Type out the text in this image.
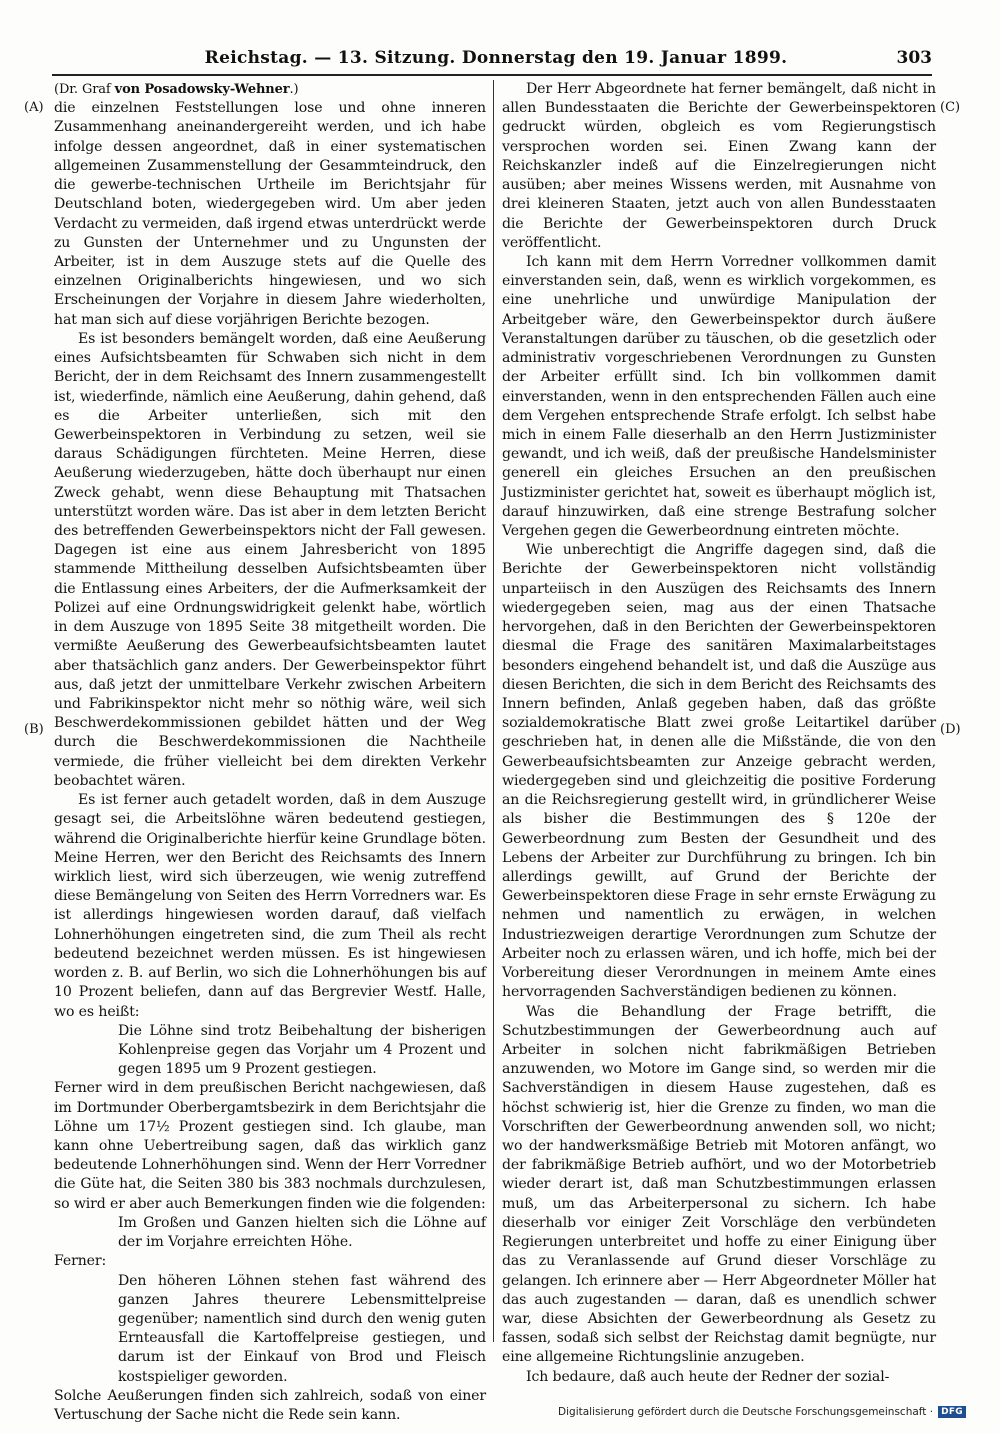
Reichstag. — 13. Sitzung. Donnerstag den 19. Januar 1899.	303
(A)
(B)
(C)
(D)

(Dr. Graf von Posadowsky-Wehner.)

die einzelnen Feststellungen lose und ohne inneren Zusammenhang aneinandergereiht werden, und ich habe infolge dessen angeordnet, daß in einer systematischen allgemeinen Zusammenstellung der Gesammteindruck, den die gewerbe-technischen Urtheile im Berichtsjahr für Deutschland boten, wiedergegeben wird. Um aber jeden Verdacht zu vermeiden, daß irgend etwas unterdrückt werde zu Gunsten der Unternehmer und zu Ungunsten der Arbeiter, ist in dem Auszuge stets auf die Quelle des einzelnen Originalberichts hingewiesen, und wo sich Erscheinungen der Vorjahre in diesem Jahre wiederholten, hat man sich auf diese vorjährigen Berichte bezogen.

Es ist besonders bemängelt worden, daß eine Aeußerung eines Aufsichtsbeamten für Schwaben sich nicht in dem Bericht, der in dem Reichsamt des Innern zusammengestellt ist, wiederfinde, nämlich eine Aeußerung, dahin gehend, daß es die Arbeiter unterließen, sich mit den Gewerbeinspektoren in Verbindung zu setzen, weil sie daraus Schädigungen fürchteten. Meine Herren, diese Aeußerung wiederzugeben, hätte doch überhaupt nur einen Zweck gehabt, wenn diese Behauptung mit Thatsachen unterstützt worden wäre. Das ist aber in dem letzten Bericht des betreffenden Gewerbeinspektors nicht der Fall gewesen. Dagegen ist eine aus einem Jahresbericht von 1895 stammende Mittheilung desselben Aufsichtsbeamten über die Entlassung eines Arbeiters, der die Aufmerksamkeit der Polizei auf eine Ordnungswidrigkeit gelenkt habe, wörtlich in dem Auszuge von 1895 Seite 38 mitgetheilt worden. Die vermißte Aeußerung des Gewerbeaufsichtsbeamten lautet aber thatsächlich ganz anders. Der Gewerbeinspektor führt aus, daß jetzt der unmittelbare Verkehr zwischen Arbeitern und Fabrikinspektor nicht mehr so nöthig wäre, weil sich Beschwerdekommissionen gebildet hätten und der Weg durch die Beschwerdekommissionen die Nachtheile vermiede, die früher vielleicht bei dem direkten Verkehr beobachtet wären.

Es ist ferner auch getadelt worden, daß in dem Auszuge gesagt sei, die Arbeitslöhne wären bedeutend gestiegen, während die Originalberichte hierfür keine Grundlage böten. Meine Herren, wer den Bericht des Reichsamts des Innern wirklich liest, wird sich überzeugen, wie wenig zutreffend diese Bemängelung von Seiten des Herrn Vorredners war. Es ist allerdings hingewiesen worden darauf, daß vielfach Lohnerhöhungen eingetreten sind, die zum Theil als recht bedeutend bezeichnet werden müssen. Es ist hingewiesen worden z. B. auf Berlin, wo sich die Lohnerhöhungen bis auf 10 Prozent beliefen, dann auf das Bergrevier Westf. Halle, wo es heißt:

Die Löhne sind trotz Beibehaltung der bisherigen Kohlenpreise gegen das Vorjahr um 4 Prozent und gegen 1895 um 9 Prozent gestiegen.

Ferner wird in dem preußischen Bericht nachgewiesen, daß im Dortmunder Oberbergamtsbezirk in dem Berichtsjahr die Löhne um 17½ Prozent gestiegen sind. Ich glaube, man kann ohne Uebertreibung sagen, daß das wirklich ganz bedeutende Lohnerhöhungen sind. Wenn der Herr Vorredner die Güte hat, die Seiten 380 bis 383 nochmals durchzulesen, so wird er aber auch Bemerkungen finden wie die folgenden:

Im Großen und Ganzen hielten sich die Löhne auf der im Vorjahre erreichten Höhe.

Ferner:

Den höheren Löhnen stehen fast während des ganzen Jahres theurere Lebensmittelpreise gegenüber; namentlich sind durch den wenig guten Ernteausfall die Kartoffelpreise gestiegen, und darum ist der Einkauf von Brod und Fleisch kostspieliger geworden.

Solche Aeußerungen finden sich zahlreich, sodaß von einer Vertuschung der Sache nicht die Rede sein kann.

Der Herr Abgeordnete hat ferner bemängelt, daß nicht in allen Bundesstaaten die Berichte der Gewerbeinspektoren gedruckt würden, obgleich es vom Regierungstisch versprochen worden sei. Einen Zwang kann der Reichskanzler indeß auf die Einzelregierungen nicht ausüben; aber meines Wissens werden, mit Ausnahme von drei kleineren Staaten, jetzt auch von allen Bundesstaaten die Berichte der Gewerbeinspektoren durch Druck veröffentlicht.

Ich kann mit dem Herrn Vorredner vollkommen damit einverstanden sein, daß, wenn es wirklich vorgekommen, es eine unehrliche und unwürdige Manipulation der Arbeitgeber wäre, den Gewerbeinspektor durch äußere Veranstaltungen darüber zu täuschen, ob die gesetzlich oder administrativ vorgeschriebenen Verordnungen zu Gunsten der Arbeiter erfüllt sind. Ich bin vollkommen damit einverstanden, wenn in den entsprechenden Fällen auch eine dem Vergehen entsprechende Strafe erfolgt. Ich selbst habe mich in einem Falle dieserhalb an den Herrn Justizminister gewandt, und ich weiß, daß der preußische Handelsminister generell ein gleiches Ersuchen an den preußischen Justizminister gerichtet hat, soweit es überhaupt möglich ist, darauf hinzuwirken, daß eine strenge Bestrafung solcher Vergehen gegen die Gewerbeordnung eintreten möchte.

Wie unberechtigt die Angriffe dagegen sind, daß die Berichte der Gewerbeinspektoren nicht vollständig unparteiisch in den Auszügen des Reichsamts des Innern wiedergegeben seien, mag aus der einen Thatsache hervorgehen, daß in den Berichten der Gewerbeinspektoren diesmal die Frage des sanitären Maximalarbeitstages besonders eingehend behandelt ist, und daß die Auszüge aus diesen Berichten, die sich in dem Bericht des Reichsamts des Innern befinden, Anlaß gegeben haben, daß das größte sozialdemokratische Blatt zwei große Leitartikel darüber geschrieben hat, in denen alle die Mißstände, die von den Gewerbeaufsichtsbeamten zur Anzeige gebracht werden, wiedergegeben sind und gleichzeitig die positive Forderung an die Reichsregierung gestellt wird, in gründlicherer Weise als bisher die Bestimmungen des § 120e der Gewerbeordnung zum Besten der Gesundheit und des Lebens der Arbeiter zur Durchführung zu bringen. Ich bin allerdings gewillt, auf Grund der Berichte der Gewerbeinspektoren diese Frage in sehr ernste Erwägung zu nehmen und namentlich zu erwägen, in welchen Industriezweigen derartige Verordnungen zum Schutze der Arbeiter noch zu erlassen wären, und ich hoffe, mich bei der Vorbereitung dieser Verordnungen in meinem Amte eines hervorragenden Sachverständigen bedienen zu können.

Was die Behandlung der Frage betrifft, die Schutzbestimmungen der Gewerbeordnung auch auf Arbeiter in solchen nicht fabrikmäßigen Betrieben anzuwenden, wo Motore im Gange sind, so werden mir die Sachverständigen in diesem Hause zugestehen, daß es höchst schwierig ist, hier die Grenze zu finden, wo man die Vorschriften der Gewerbeordnung anwenden soll, wo nicht; wo der handwerksmäßige Betrieb mit Motoren anfängt, wo der fabrikmäßige Betrieb aufhört, und wo der Motorbetrieb wieder derart ist, daß man Schutzbestimmungen erlassen muß, um das Arbeiterpersonal zu sichern. Ich habe dieserhalb vor einiger Zeit Vorschläge den verbündeten Regierungen unterbreitet und hoffe zu einer Einigung über das zu Veranlassende auf Grund dieser Vorschläge zu gelangen. Ich erinnere aber — Herr Abgeordneter Möller hat das auch zugestanden — daran, daß es unendlich schwer war, diese Absichten der Gewerbeordnung als Gesetz zu fassen, sodaß sich selbst der Reichstag damit begnügte, nur eine allgemeine Richtungslinie anzugeben.

Ich bedaure, daß auch heute der Redner der sozial-

Digitalisierung gefördert durch die Deutsche Forschungsgemeinschaft · DFG
